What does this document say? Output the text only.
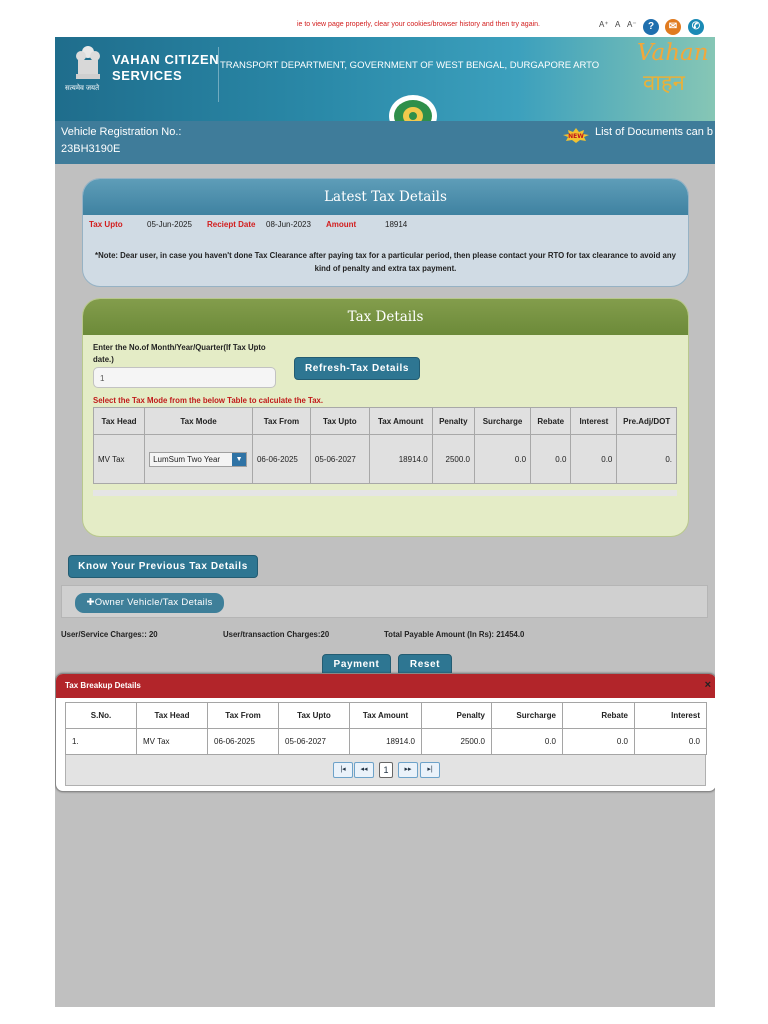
ie to view page properly, clear your cookies/browser history and then try again.	A⁺ A A⁻	?	✉	✆
सत्यमेव जयते
VAHAN CITIZEN
SERVICES
TRANSPORT DEPARTMENT, GOVERNMENT OF WEST BENGAL, DURGAPORE ARTO Vahan
वाहन
Vehicle Registration No.:
23BH3190E
NEW List of Documents can b
Latest Tax Details
Tax Upto	05-Jun-2025 Reciept Date 08-Jun-2023 Amount	18914
*Note: Dear user, in case you haven't done Tax Clearance after paying tax for a particular period, then please contact your RTO for tax clearance to avoid any kind of penalty and extra tax payment.
Tax Details
Enter the No.of Month/Year/Quarter(If Tax Upto date.)
1
Refresh-Tax Details
Select the Tax Mode from the below Table to calculate the Tax.
Tax Head	Tax Mode	Tax From	Tax Upto	Tax Amount	Penalty	Surcharge	Rebate	Interest	Pre.Adj/DOT
MV Tax	LumSum Two Year ▼	06-06-2025	05-06-2027	18914.0	2500.0	0.0	0.0	0.0	0.
Know Your Previous Tax Details
✚Owner Vehicle/Tax Details
User/Service Charges:: 20	User/transaction Charges:20	Total Payable Amount (In Rs): 21454.0
Payment	Reset
Tax Breakup Details	×
S.No.	Tax Head	Tax From	Tax Upto	Tax Amount	Penalty	Surcharge	Rebate	Interest
1.	MV Tax	06-06-2025	05-06-2027	18914.0	2500.0	0.0	0.0	0.0
|◂	◂◂	1	▸▸	▸|
